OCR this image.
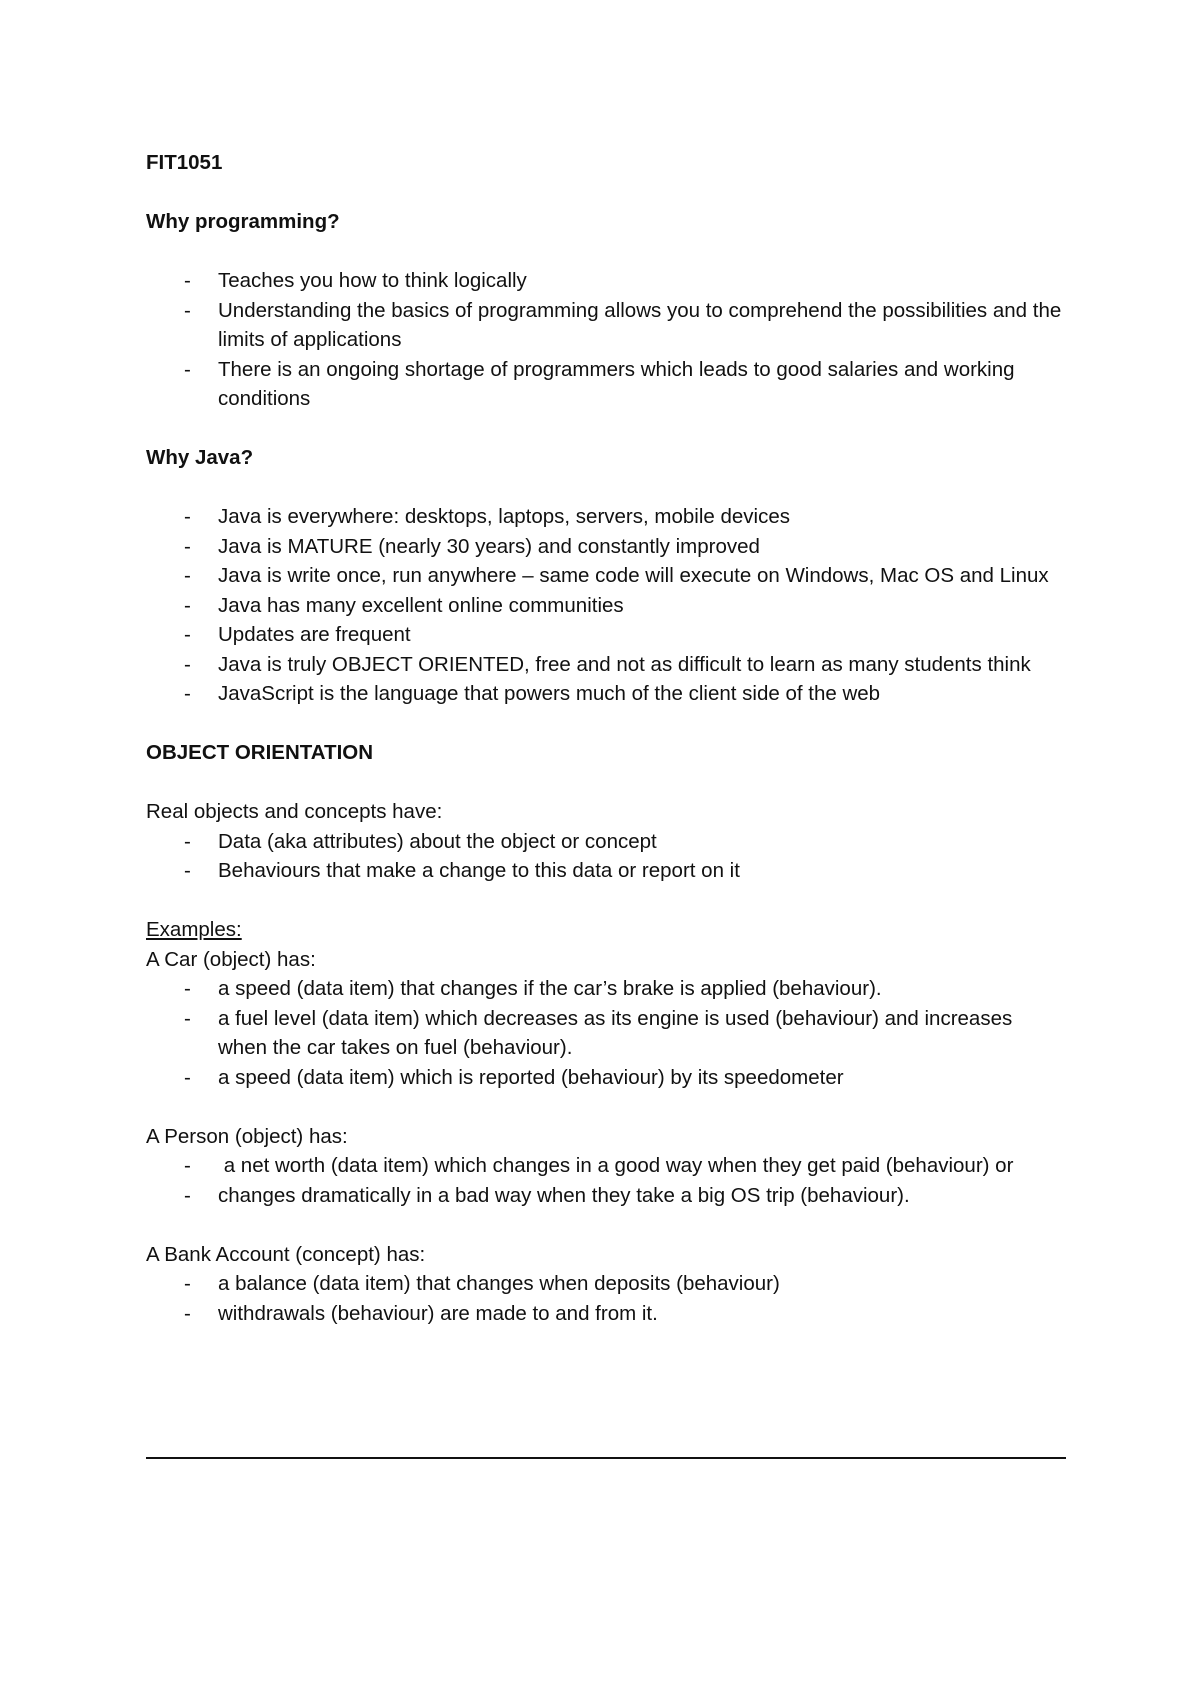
FIT1051
Why programming?
- Teaches you how to think logically
- Understanding the basics of programming allows you to comprehend the possibilities and the limits of applications
- There is an ongoing shortage of programmers which leads to good salaries and working conditions
Why Java?
- Java is everywhere: desktops, laptops, servers, mobile devices
- Java is MATURE (nearly 30 years) and constantly improved
- Java is write once, run anywhere – same code will execute on Windows, Mac OS and Linux
- Java has many excellent online communities
- Updates are frequent
- Java is truly OBJECT ORIENTED, free and not as difficult to learn as many students think
- JavaScript is the language that powers much of the client side of the web
OBJECT ORIENTATION
Real objects and concepts have:
- Data (aka attributes) about the object or concept
- Behaviours that make a change to this data or report on it
Examples:
A Car (object) has:
- a speed (data item) that changes if the car’s brake is applied (behaviour).
- a fuel level (data item) which decreases as its engine is used (behaviour) and increases when the car takes on fuel (behaviour).
- a speed (data item) which is reported (behaviour) by its speedometer
A Person (object) has:
- a net worth (data item) which changes in a good way when they get paid (behaviour) or
- changes dramatically in a bad way when they take a big OS trip (behaviour).
A Bank Account (concept) has:
- a balance (data item) that changes when deposits (behaviour)
- withdrawals (behaviour) are made to and from it.
